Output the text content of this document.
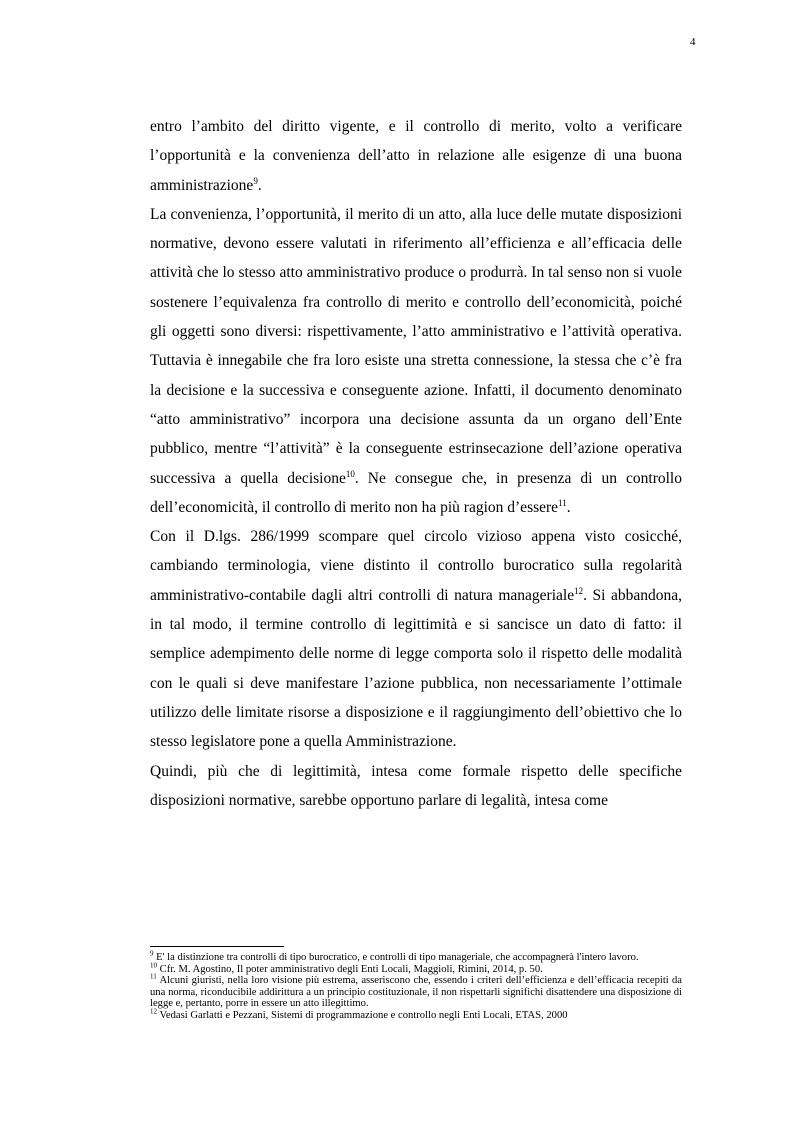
4

entro l’ambito del diritto vigente, e il controllo di merito, volto a verificare l’opportunità e la convenienza dell’atto in relazione alle esigenze di una buona amministrazione$^9$.

La convenienza, l’opportunità, il merito di un atto, alla luce delle mutate disposizioni normative, devono essere valutati in riferimento all’efficienza e all’efficacia delle attività che lo stesso atto amministrativo produce o produrrà. In tal senso non si vuole sostenere l’equivalenza fra controllo di merito e controllo dell’economicità, poiché gli oggetti sono diversi: rispettivamente, l’atto amministrativo e l’attività operativa. Tuttavia è innegabile che fra loro esiste una stretta connessione, la stessa che c’è fra la decisione e la successiva e conseguente azione. Infatti, il documento denominato “atto amministrativo” incorpora una decisione assunta da un organo dell’Ente pubblico, mentre “l’attività” è la conseguente estrinsecazione dell’azione operativa successiva a quella decisione$^{10}$. Ne consegue che, in presenza di un controllo dell’economicità, il controllo di merito non ha più ragion d’essere$^{11}$.

Con il D.lgs. 286/1999 scompare quel circolo vizioso appena visto cosicché, cambiando terminologia, viene distinto il controllo burocratico sulla regolarità amministrativo-contabile dagli altri controlli di natura manageriale$^{12}$. Si abbandona, in tal modo, il termine controllo di legittimità e si sancisce un dato di fatto: il semplice adempimento delle norme di legge comporta solo il rispetto delle modalità con le quali si deve manifestare l’azione pubblica, non necessariamente l’ottimale utilizzo delle limitate risorse a disposizione e il raggiungimento dell’obiettivo che lo stesso legislatore pone a quella Amministrazione.

Quindi, più che di legittimità, intesa come formale rispetto delle specifiche disposizioni normative, sarebbe opportuno parlare di legalità, intesa come

$^9$ E' la distinzione tra controlli di tipo burocratico, e controlli di tipo manageriale, che accompagnerà l'intero lavoro.

$^{10}$ Cfr. M. Agostino, Il poter amministrativo degli Enti Locali, Maggioli, Rimini, 2014, p. 50.

$^{11}$ Alcuni giuristi, nella loro visione più estrema, asseriscono che, essendo i criteri dell’efficienza e dell’efficacia recepiti da una norma, riconducibile addirittura a un principio costituzionale, il non rispettarli significhi disattendere una disposizione di legge e, pertanto, porre in essere un atto illegittimo.

$^{12}$ Vedasi Garlatti e Pezzani, Sistemi di programmazione e controllo negli Enti Locali, ETAS, 2000
